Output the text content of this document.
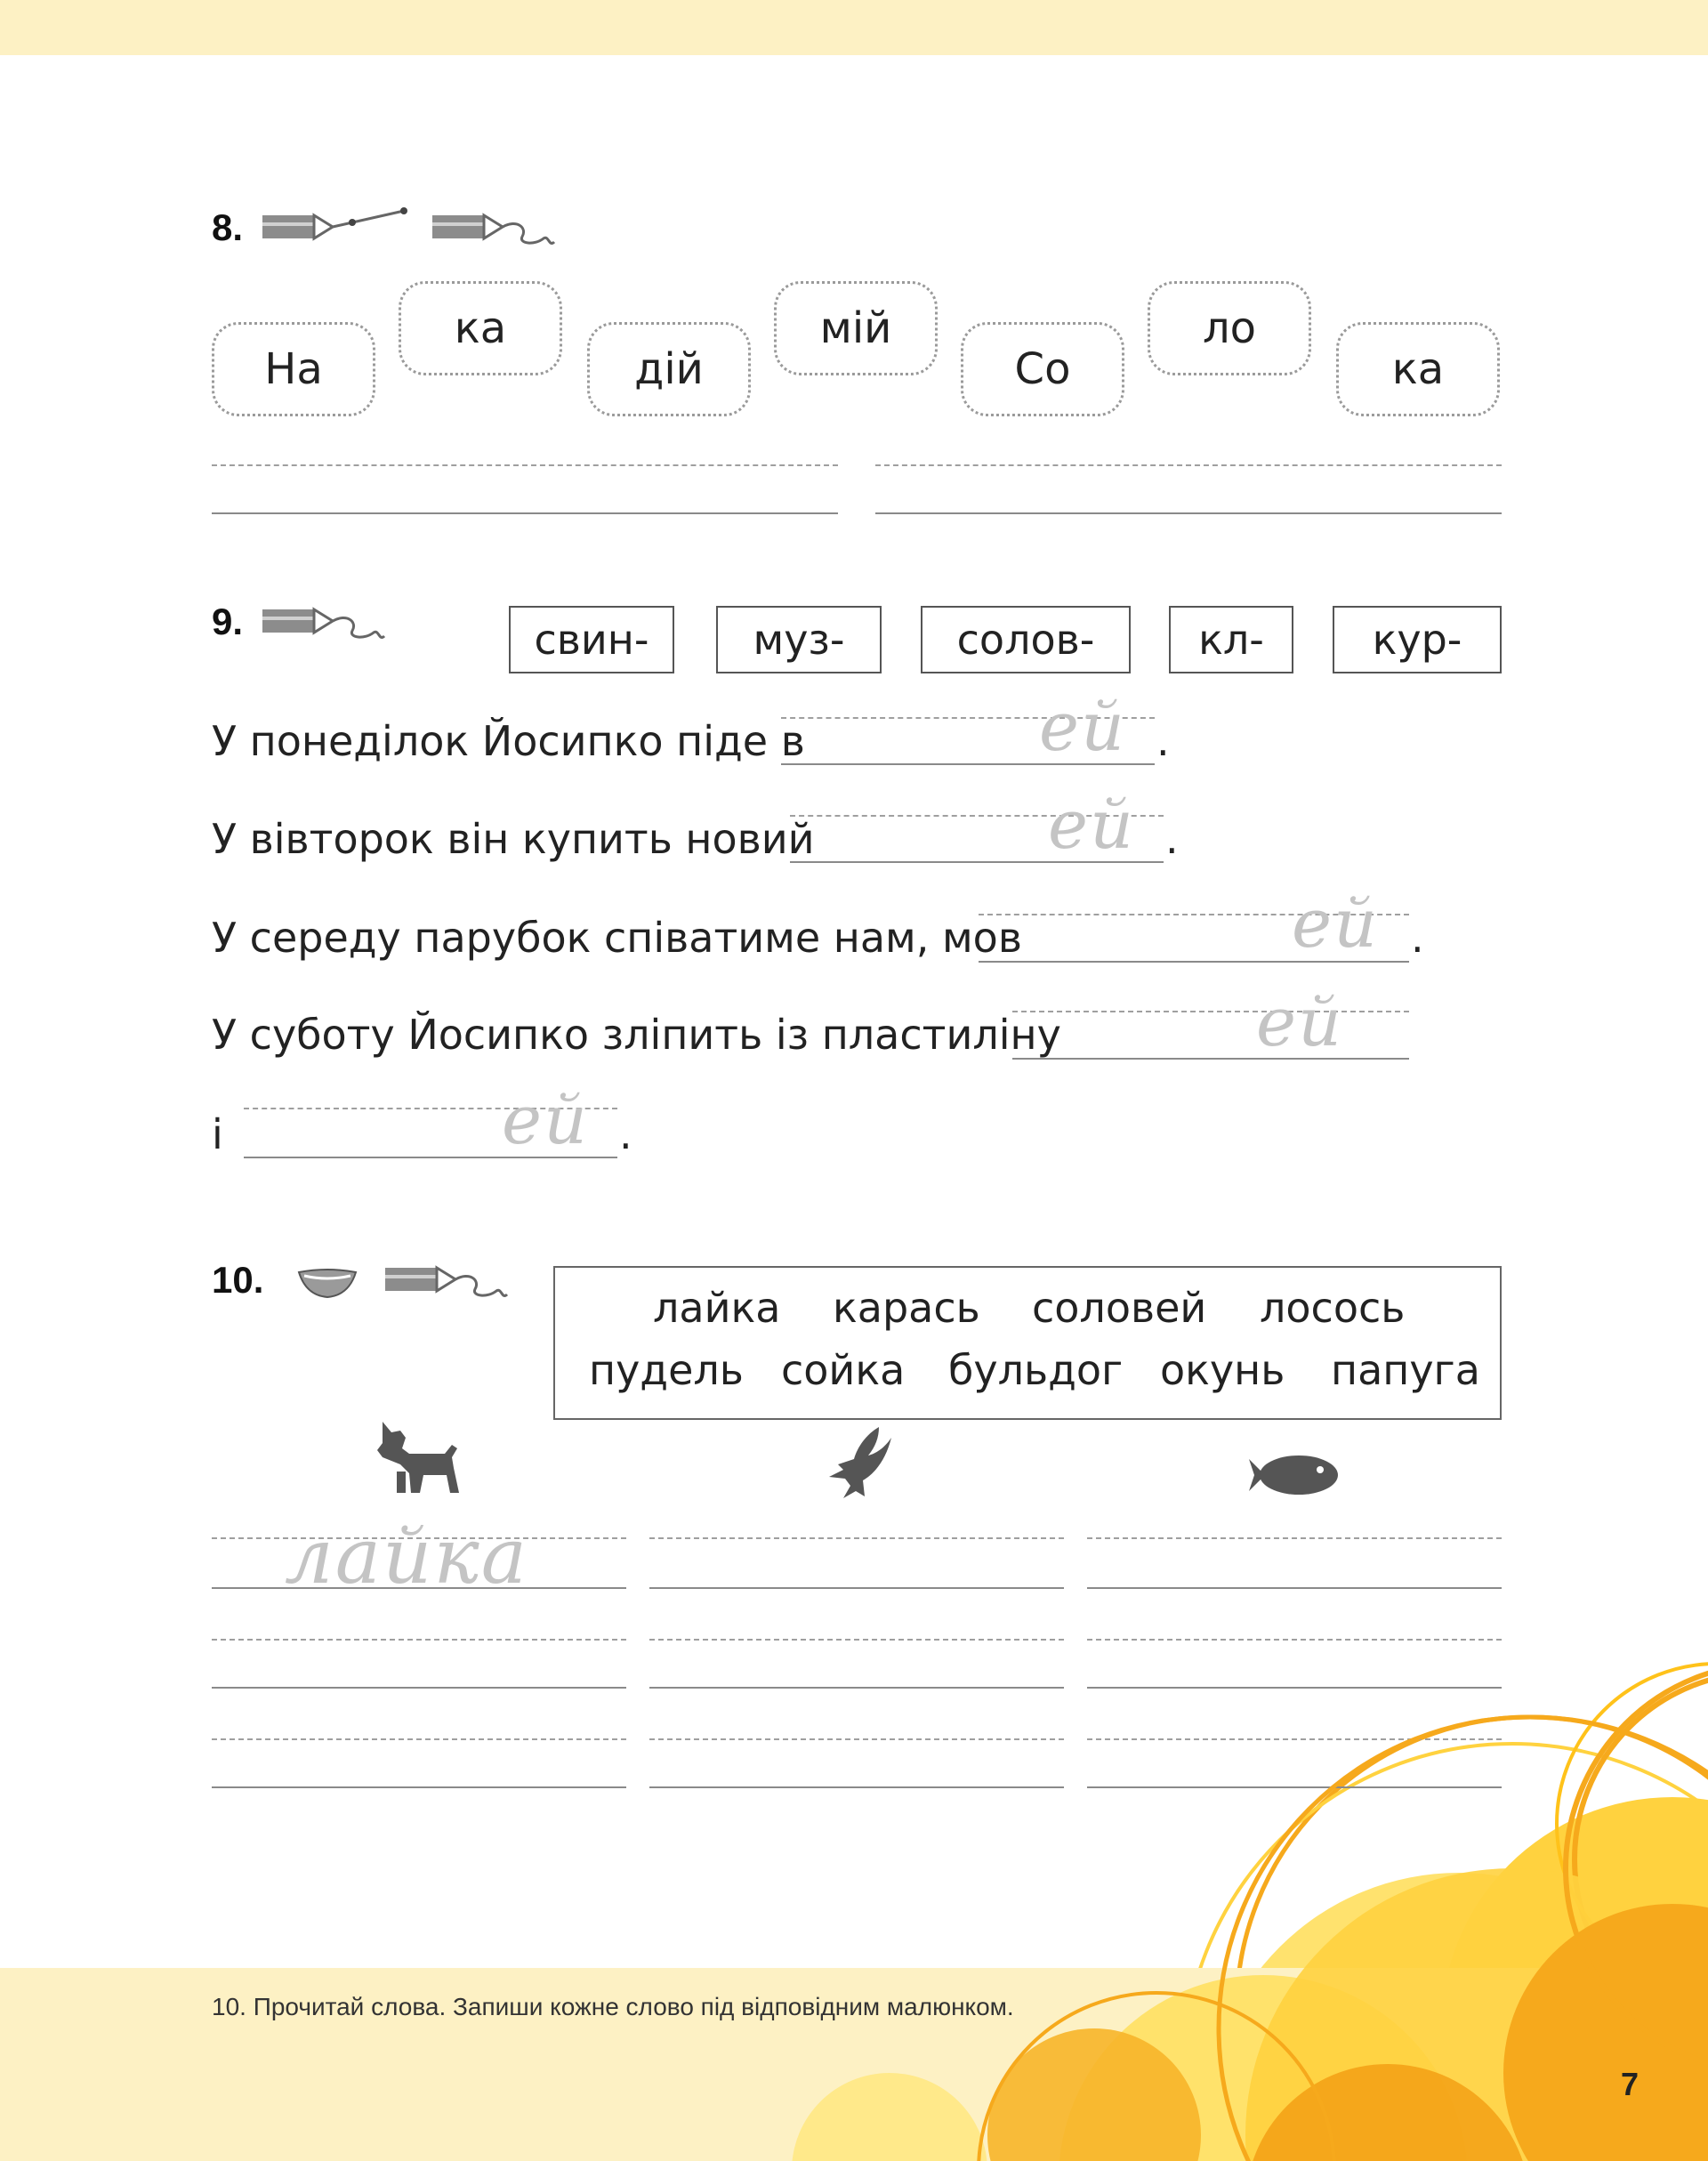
8.
На
ка
дій
мій
Со
ло
ка
9.	свин-	муз-	солов-	кл-	кур-
У понеділок Йосипко піде в	ей .
У вівторок він купить новий	ей .
У середу парубок співатиме нам, мов	ей .
У суботу Йосипко зліпить із пластиліну	ей
і	ей .
10.
лайка карась соловей лосось
пудель сойка бульдог окунь папуга
лайка
10. Прочитай слова. Запиши кожне слово під відповідним малюнком.
7
